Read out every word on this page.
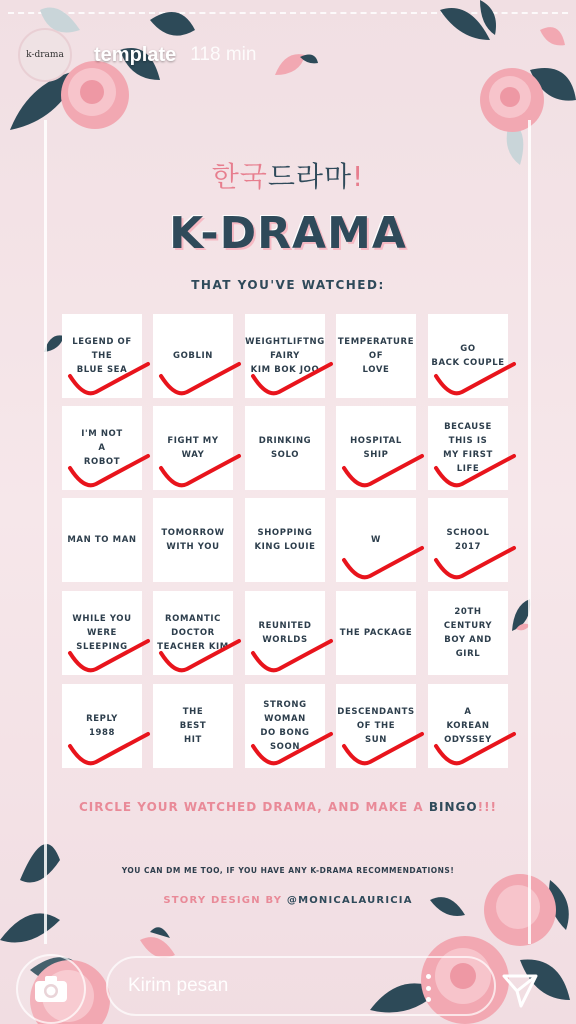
k-drama template 118 min
한국드라마!
K-DRAMA
THAT YOU'VE WATCHED:
LEGEND OF THE
BLUE SEA
GOBLIN
WEIGHTLIFTNG
FAIRY
KIM BOK JOO
TEMPERATURE
OF
LOVE
GO
BACK COUPLE
I'M NOT
A
ROBOT
FIGHT MY WAY
DRINKING
SOLO
HOSPITAL
SHIP
BECAUSE
THIS IS
MY FIRST
LIFE
MAN TO MAN
TOMORROW
WITH YOU
SHOPPING
KING LOUIE
W
SCHOOL
2017
WHILE YOU
WERE
SLEEPING
ROMANTIC
DOCTOR
TEACHER KIM
REUNITED
WORLDS
THE PACKAGE
20TH
CENTURY
BOY AND GIRL
REPLY
1988
THE
BEST
HIT
STRONG
WOMAN
DO BONG SOON
DESCENDANTS
OF THE
SUN
A
KOREAN
ODYSSEY
CIRCLE YOUR WATCHED DRAMA, AND MAKE A BINGO!!!
YOU CAN DM ME TOO, IF YOU HAVE ANY K-DRAMA RECOMMENDATIONS!
STORY DESIGN BY @MONICALAURICIA
Kirim pesan
